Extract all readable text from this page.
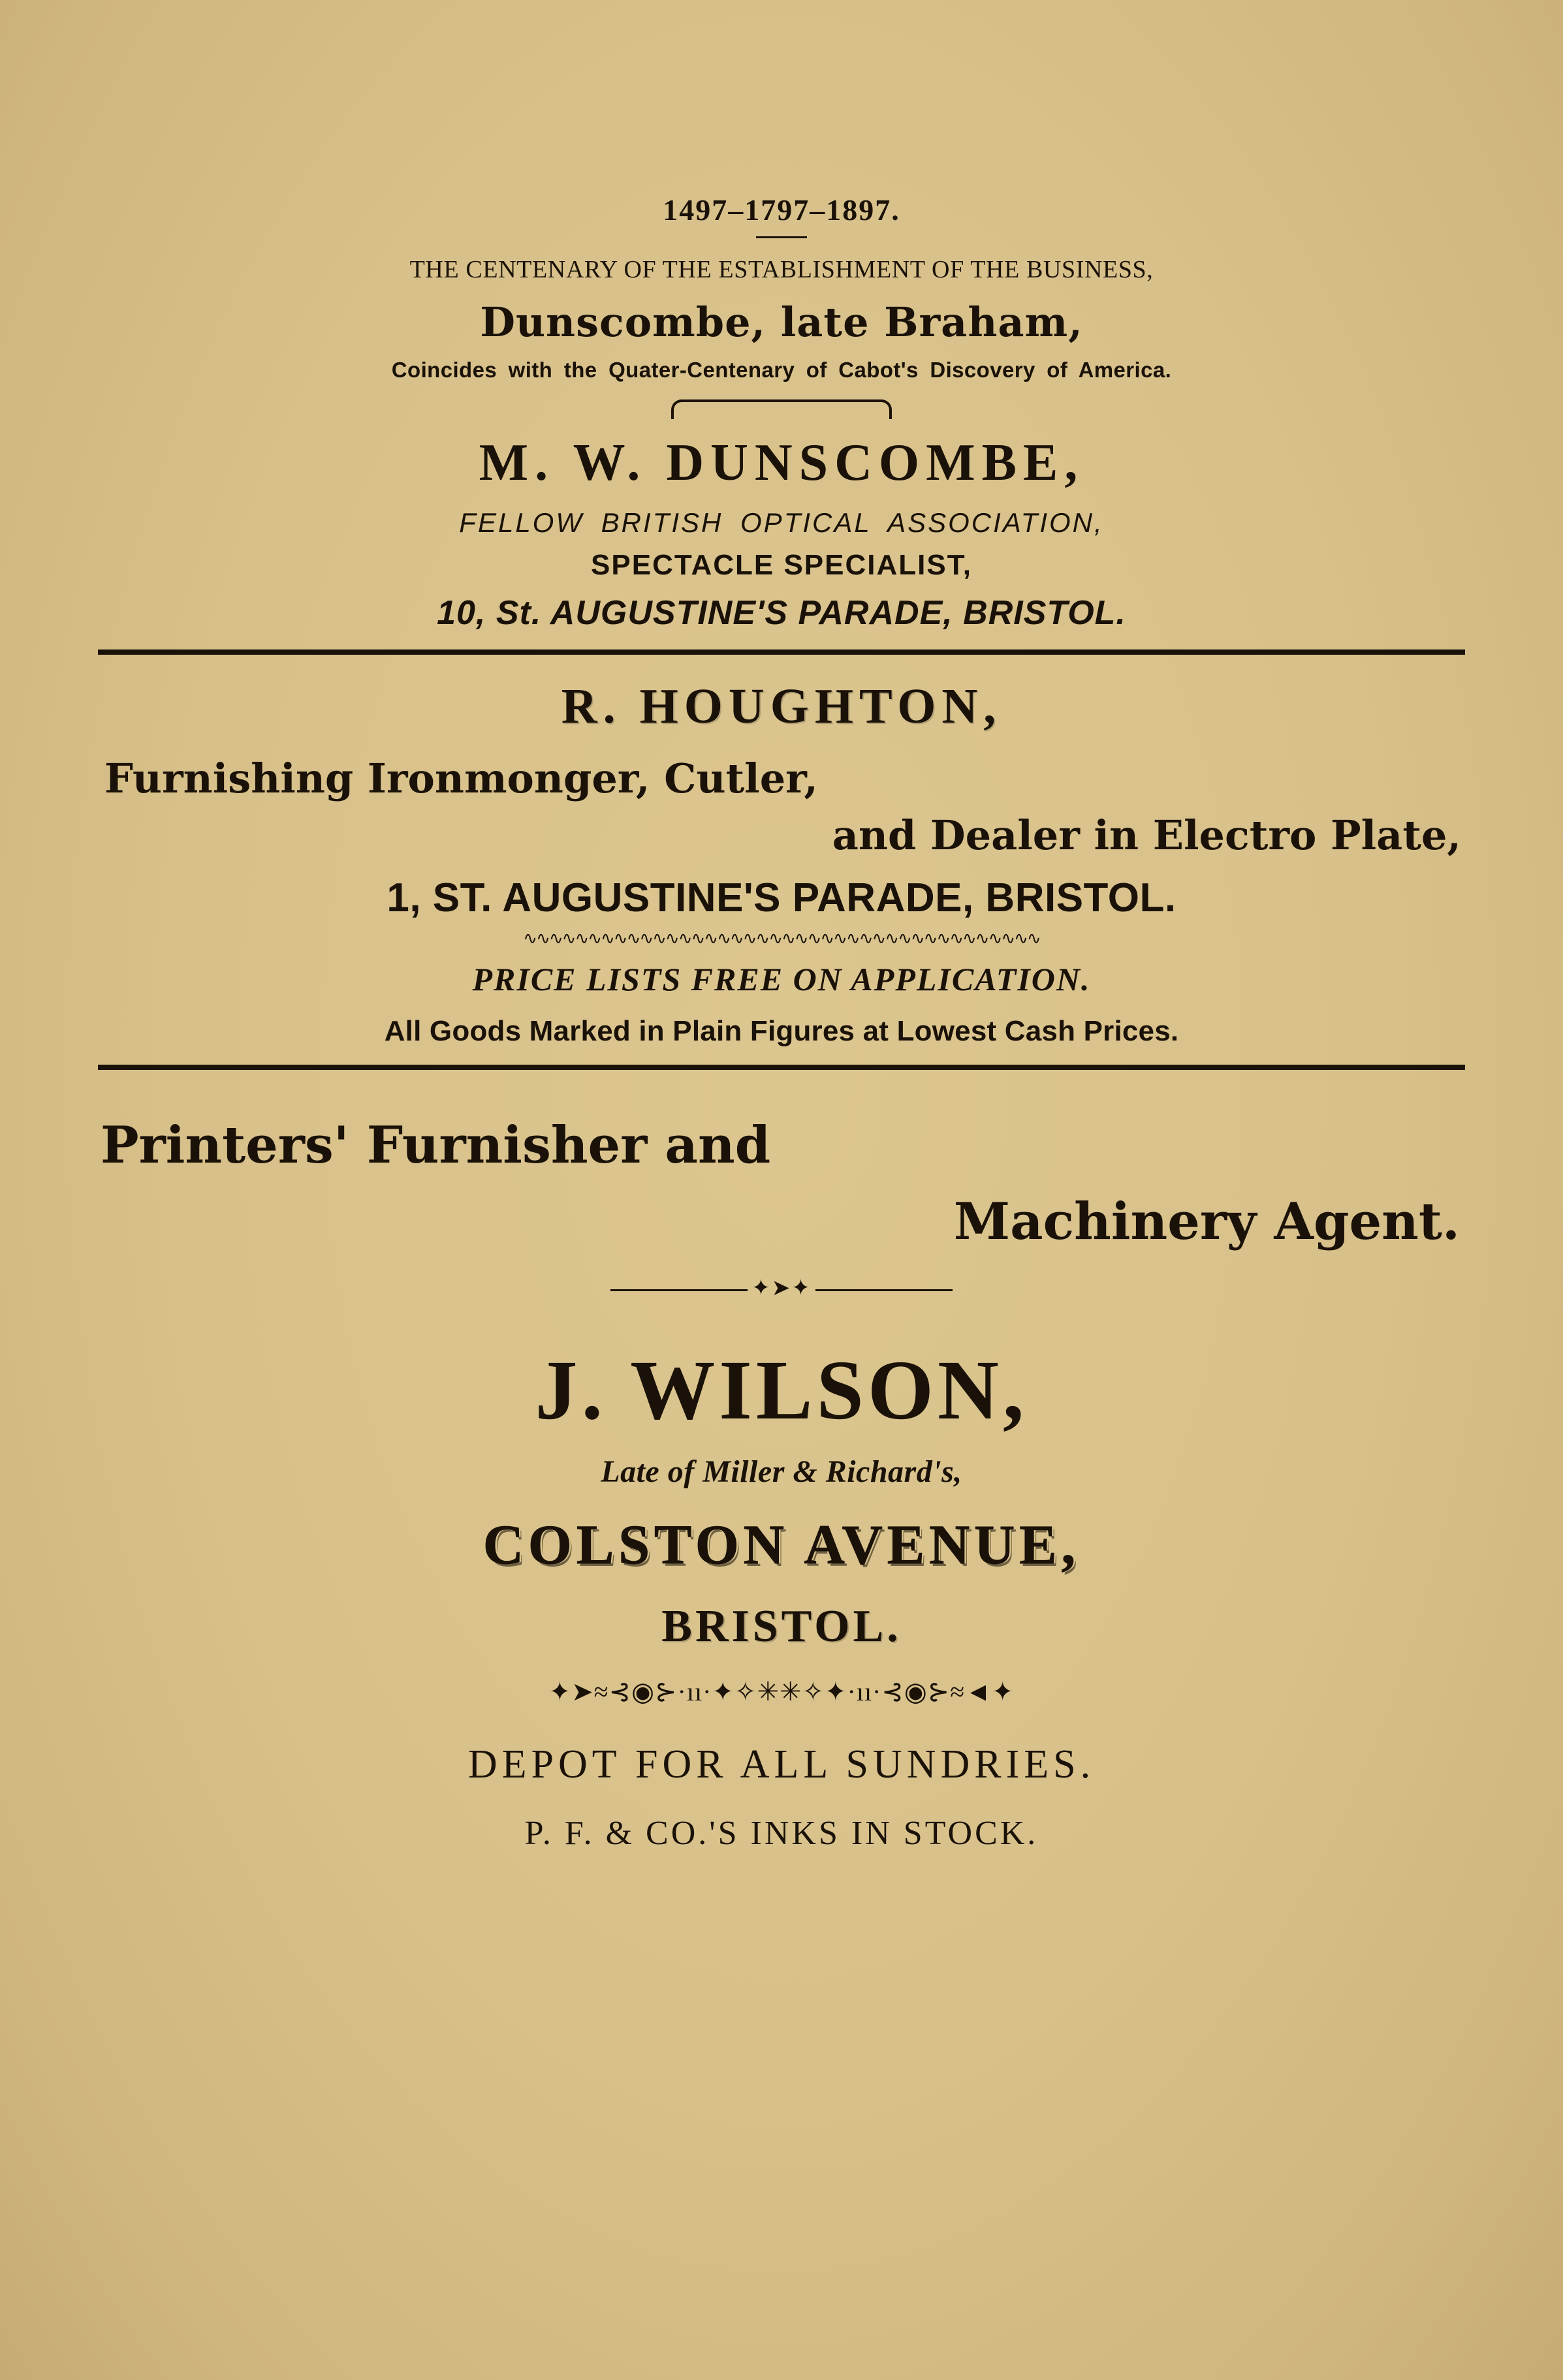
1497–1797–1897.
THE CENTENARY OF THE ESTABLISHMENT OF THE BUSINESS,
Dunscombe, late Braham,
Coincides with the Quater-Centenary of Cabot's Discovery of America.
M. W. DUNSCOMBE,
FELLOW BRITISH OPTICAL ASSOCIATION,
SPECTACLE SPECIALIST,
10, St. AUGUSTINE'S PARADE, BRISTOL.
R. HOUGHTON,
Furnishing Ironmonger, Cutler,
and Dealer in Electro Plate,
1, ST. AUGUSTINE'S PARADE, BRISTOL.
∿∿∿∿∿∿∿∿∿∿∿∿∿∿∿∿∿∿∿∿∿∿∿∿∿∿∿∿∿∿∿∿∿∿∿∿∿∿∿∿
PRICE LISTS FREE ON APPLICATION.
All Goods Marked in Plain Figures at Lowest Cash Prices.
Printers' Furnisher and
Machinery Agent.
✦➤✦
J. WILSON,
Late of Miller & Richard's,
COLSTON AVENUE,
BRISTOL.
✦➤≈⊰◉⊱·ıı·✦✧✳✳✧✦·ıı·⊰◉⊱≈◄✦
DEPOT FOR ALL SUNDRIES.
P. F. & CO.'S INKS IN STOCK.
